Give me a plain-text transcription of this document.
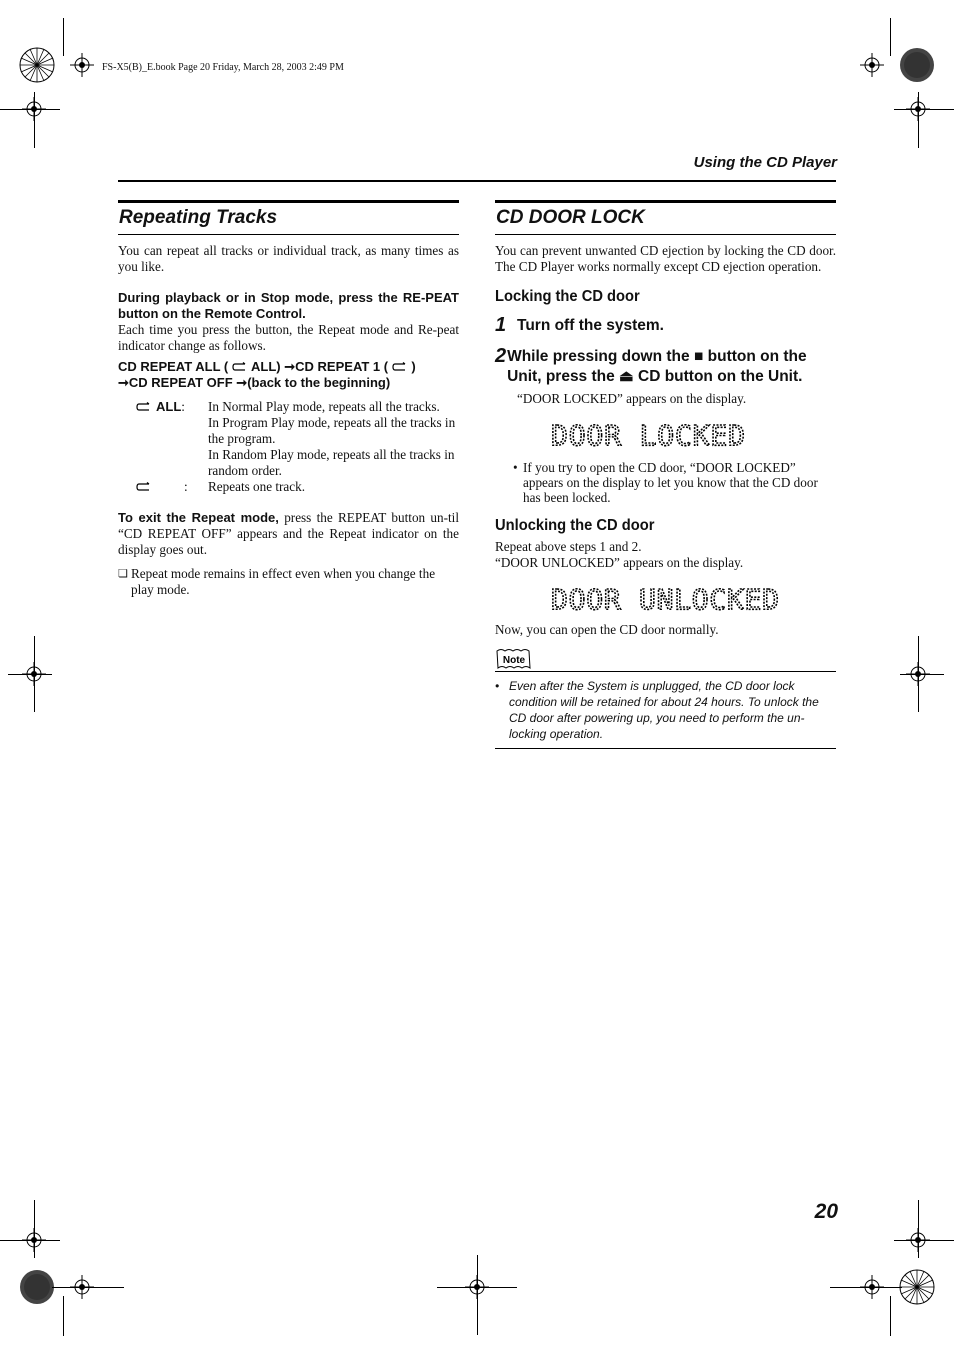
FS-X5(B)_E.book Page 20 Friday, March 28, 2003 2:49 PM
Using the CD Player
Repeating Tracks

You can repeat all tracks or individual track, as many times as you like.

During playback or in Stop mode, press the RE-PEAT button on the Remote Control.

Each time you press the button, the Repeat mode and Re-peat indicator change as follows.

CD REPEAT ALL ( ALL) ➞CD REPEAT 1 ( )
➞CD REPEAT OFF ➞(back to the beginning)
ALL : In Normal Play mode, repeats all the tracks.
In Program Play mode, repeats all the tracks in the program.
In Random Play mode, repeats all the tracks in random order.
: Repeats one track.

To exit the Repeat mode, press the REPEAT button un-til “CD REPEAT OFF” appears and the Repeat indicator on the display goes out.

❏ Repeat mode remains in effect even when you change the play mode.
CD DOOR LOCK

You can prevent unwanted CD ejection by locking the CD door. The CD Player works normally except CD ejection operation.

Locking the CD door
1 Turn off the system.
2 While pressing down the ■ button on the Unit, press the ⏏ CD button on the Unit.

“DOOR LOCKED” appears on the display.

DOOR LOCKED
• If you try to open the CD door, “DOOR LOCKED” appears on the display to let you know that the CD door has been locked.
Unlocking the CD door

Repeat above steps 1 and 2.

“DOOR UNLOCKED” appears on the display.

DOOR UNLOCKED

Now, you can open the CD door normally.

Note
• Even after the System is unplugged, the CD door lock condition will be retained for about 24 hours. To unlock the CD door after powering up, you need to perform the un-locking operation.
20
